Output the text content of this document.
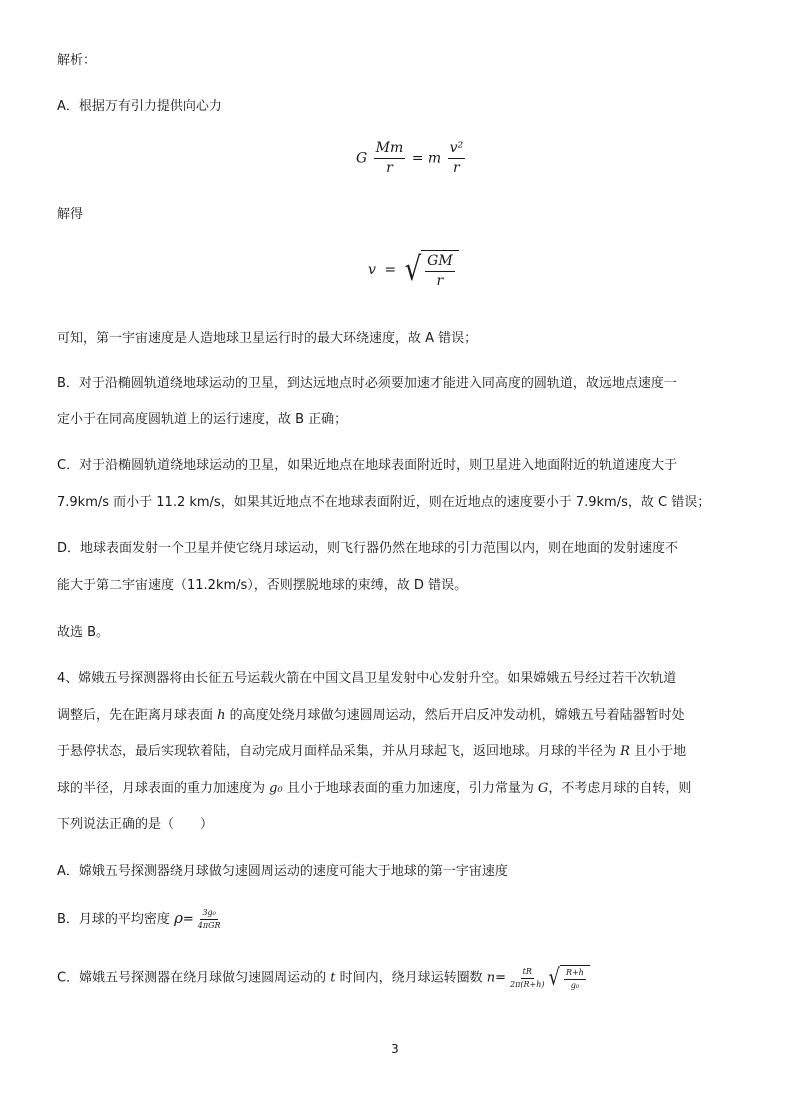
解析：
A．根据万有引力提供向心力
G $\frac{Mm}{r} = m \frac{\text{v²}}{r}$
解得
v = √ $\frac{GM}{r}$
可知，第一宇宙速度是人造地球卫星运行时的最大环绕速度，故 A 错误；
B．对于沿椭圆轨道绕地球运动的卫星，到达远地点时必须要加速才能进入同高度的圆轨道，故远地点速度一
定小于在同高度圆轨道上的运行速度，故 B 正确；
C．对于沿椭圆轨道绕地球运动的卫星，如果近地点在地球表面附近时，则卫星进入地面附近的轨道速度大于
7.9km/s 而小于 11.2 km/s，如果其近地点不在地球表面附近，则在近地点的速度要小于 7.9km/s，故 C 错误；
D．地球表面发射一个卫星并使它绕月球运动，则飞行器仍然在地球的引力范围以内，则在地面的发射速度不
能大于第二宇宙速度（11.2km/s），否则摆脱地球的束缚，故 D 错误。
故选 B。
4、嫦娥五号探测器将由长征五号运载火箭在中国文昌卫星发射中心发射升空。如果嫦娥五号经过若干次轨道
调整后，先在距离月球表面 h 的高度处绕月球做匀速圆周运动，然后开启反冲发动机，嫦娥五号着陆器暂时处
于悬停状态，最后实现软着陆，自动完成月面样品采集，并从月球起飞，返回地球。月球的半径为 R 且小于地
球的半径，月球表面的重力加速度为 g₀ 且小于地球表面的重力加速度，引力常量为 G，不考虑月球的自转，则
下列说法正确的是（　　）
A．嫦娥五号探测器绕月球做匀速圆周运动的速度可能大于地球的第一宇宙速度
B．月球的平均密度 $\rho= \frac{\text{3g₀}}{\text{4πGR}}$
C．嫦娥五号探测器在绕月球做匀速圆周运动的 t 时间内，绕月球运转圈数 $n= \frac{tR}{2\pi(R+h)}$ √ $\frac{R+h}{\text{g₀}}$
3
